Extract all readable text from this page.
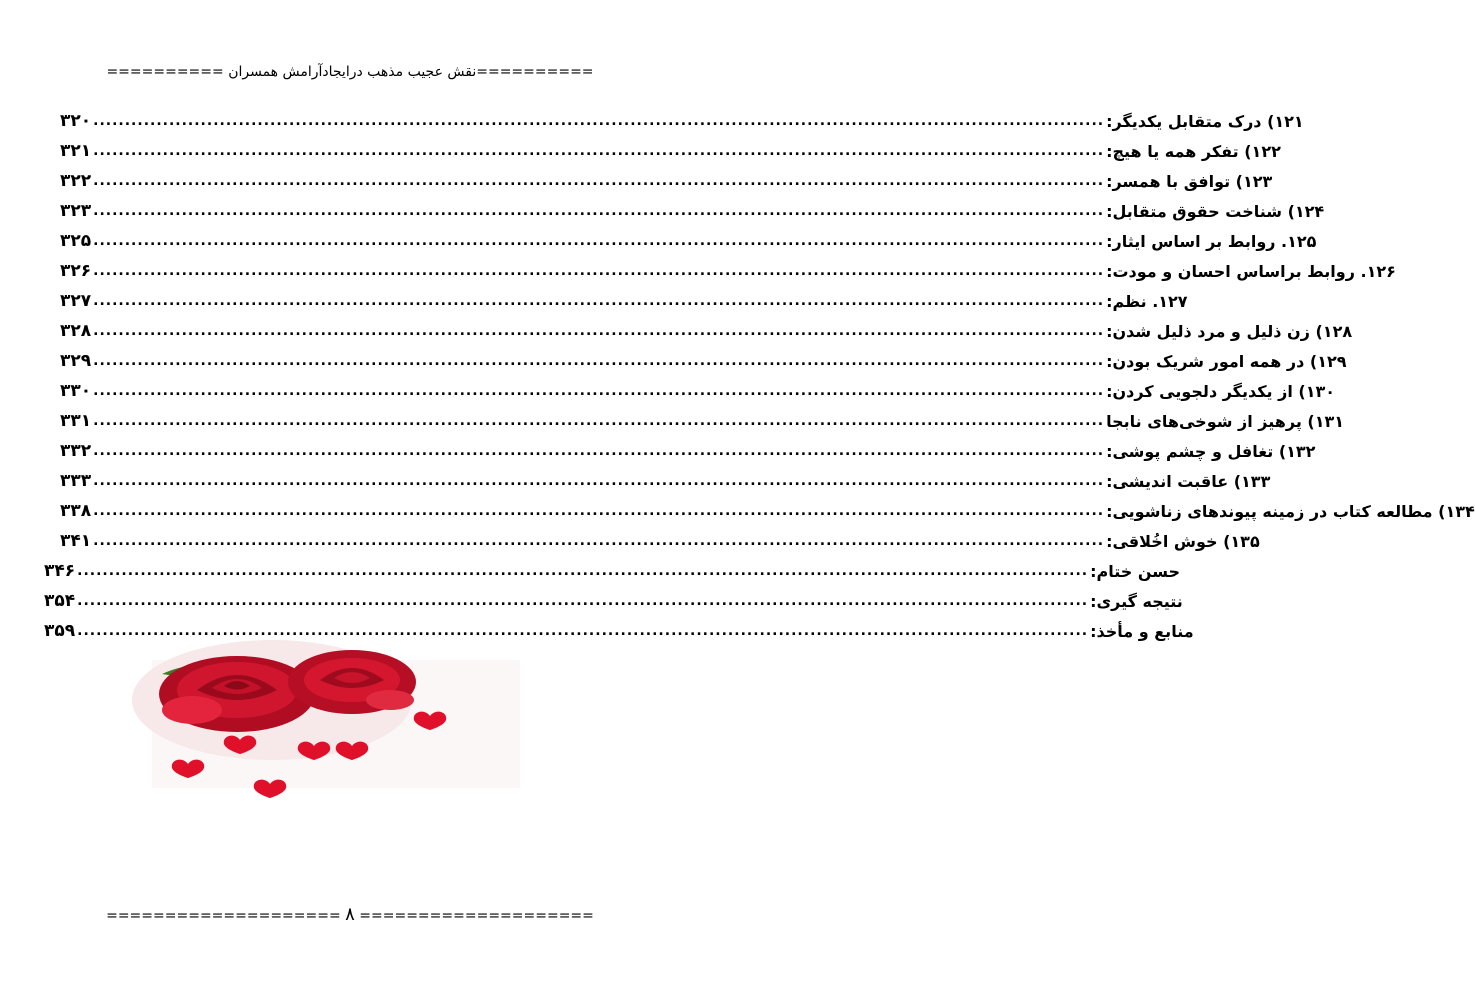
==========نقش عجیب مذهب درایجادآرامش همسران ==========
۳۲۰ ................................................................................................................................................................ ۱۲۱) درک متقابل یکدیگر:
۳۲۱ ................................................................................................................................................................ ۱۲۲) تفکر همه یا هیچ:
۳۲۲ ................................................................................................................................................................ ۱۲۳) توافق با همسر:
۳۲۳ ................................................................................................................................................................ ۱۲۴) شناخت حقوق متقابل:
۳۲۵ ................................................................................................................................................................ ۱۲۵. روابط بر اساس ایثار:
۳۲۶ ................................................................................................................................................................ ۱۲۶. روابط براساس احسان و مودت:
۳۲۷ ................................................................................................................................................................ ۱۲۷. نظم:
۳۲۸ ................................................................................................................................................................ ۱۲۸) زن ذلیل و مرد ذلیل شدن:
۳۲۹ ................................................................................................................................................................ ۱۲۹) در همه امور شریک بودن:
۳۳۰ ................................................................................................................................................................ ۱۳۰) از یکدیگر دلجویی کردن:
۳۳۱ ................................................................................................................................................................ ۱۳۱) پرهیز از شوخی‌های نابجا
۳۳۲ ................................................................................................................................................................ ۱۳۲) تغافل و چشم پوشی:
۳۳۳ ................................................................................................................................................................ ۱۳۳) عاقبت اندیشی:
۳۳۸ ................................................................................................................................................................ ۱۳۴) مطالعه کتاب در زمینه پیوندهای زناشویی:
۳۴۱ ................................................................................................................................................................ ۱۳۵) خوش اخُلاقی:
۳۴۶ ................................................................................................................................................................ حسن ختام:
۳۵۴ ................................................................................................................................................................ نتیجه گیری:
۳۵۹ ................................................................................................................................................................ منابع و مأخذ:
==================== ۸ ====================
